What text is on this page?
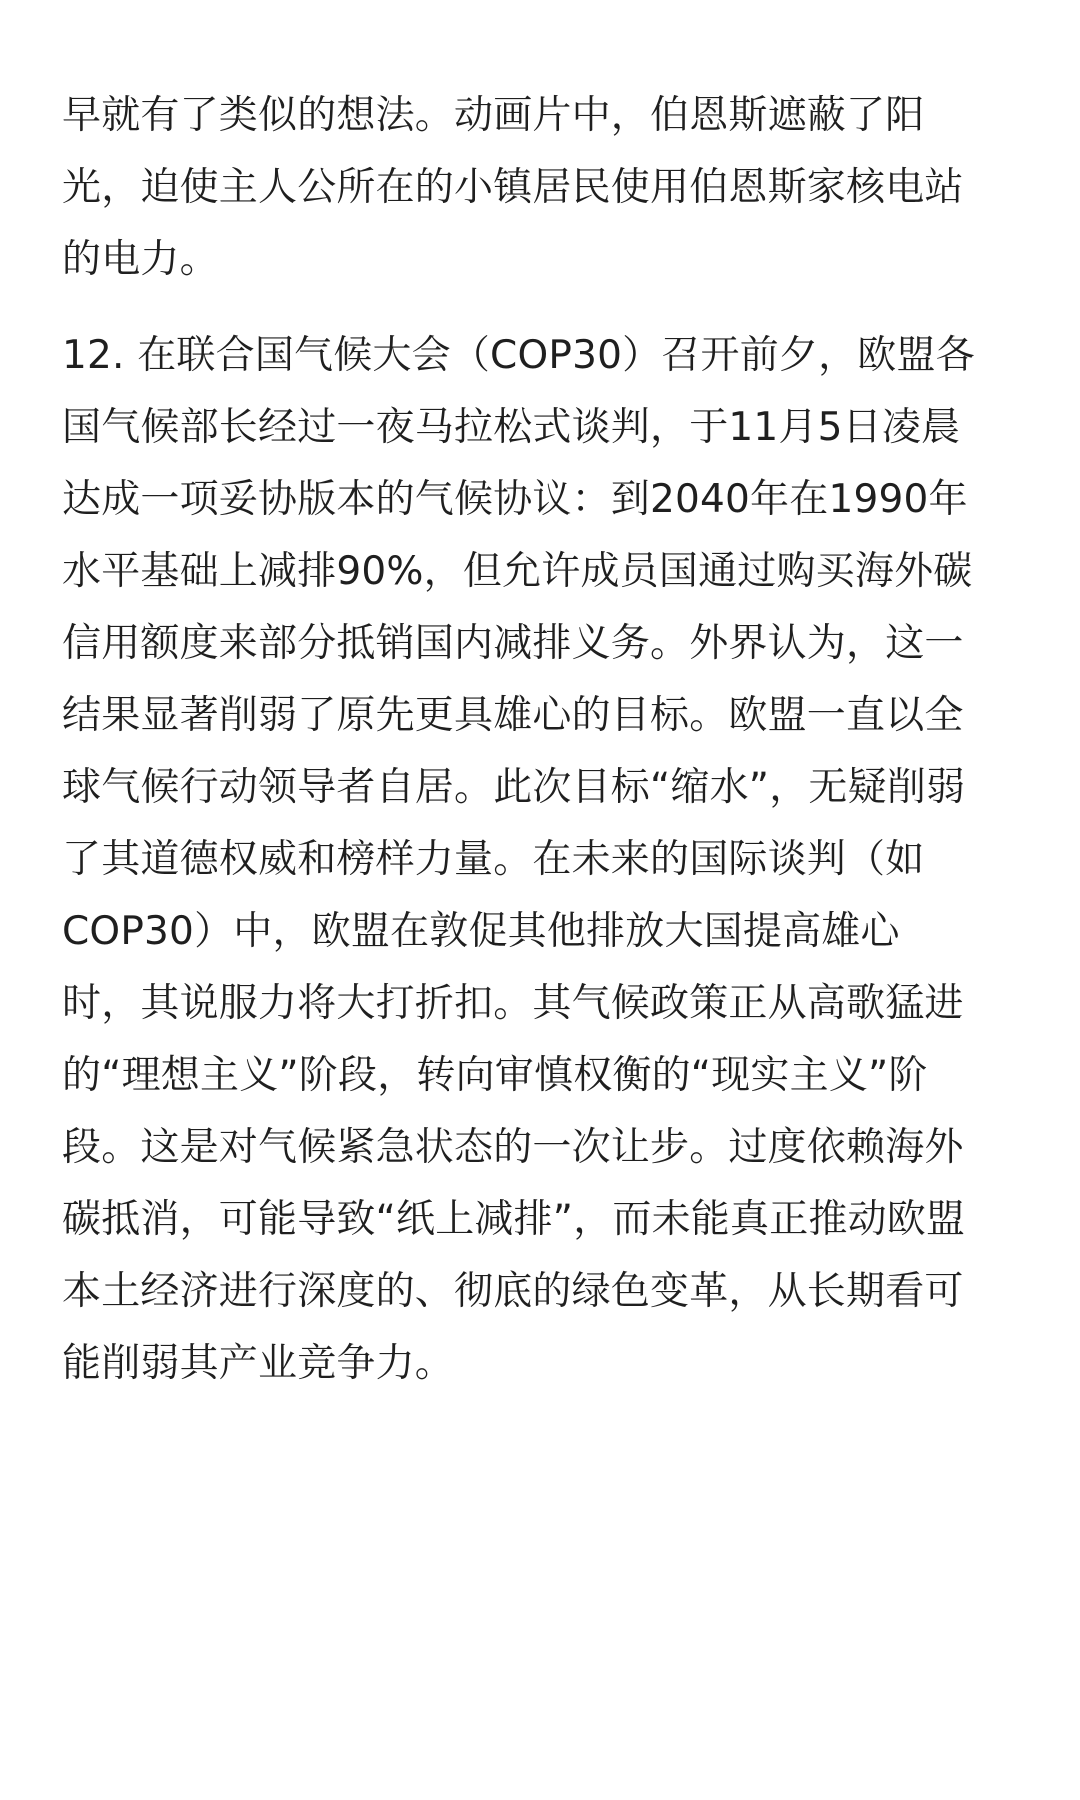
早就有了类似的想法。动画片中，伯恩斯遮蔽了阳
光，迫使主人公所在的小镇居民使用伯恩斯家核电站
的电力。

12. 在联合国气候大会（COP30）召开前夕，欧盟各
国气候部长经过一夜马拉松式谈判，于11月5日凌晨
达成一项妥协版本的气候协议：到2040年在1990年
水平基础上减排90%，但允许成员国通过购买海外碳
信用额度来部分抵销国内减排义务。外界认为，这一
结果显著削弱了原先更具雄心的目标。欧盟一直以全
球气候行动领导者自居。此次目标“缩水”，无疑削弱
了其道德权威和榜样力量。在未来的国际谈判（如
COP30）中，欧盟在敦促其他排放大国提高雄心
时，其说服力将大打折扣。其气候政策正从高歌猛进
的“理想主义”阶段，转向审慎权衡的“现实主义”阶
段。这是对气候紧急状态的一次让步。过度依赖海外
碳抵消，可能导致“纸上减排”，而未能真正推动欧盟
本土经济进行深度的、彻底的绿色变革，从长期看可
能削弱其产业竞争力。
